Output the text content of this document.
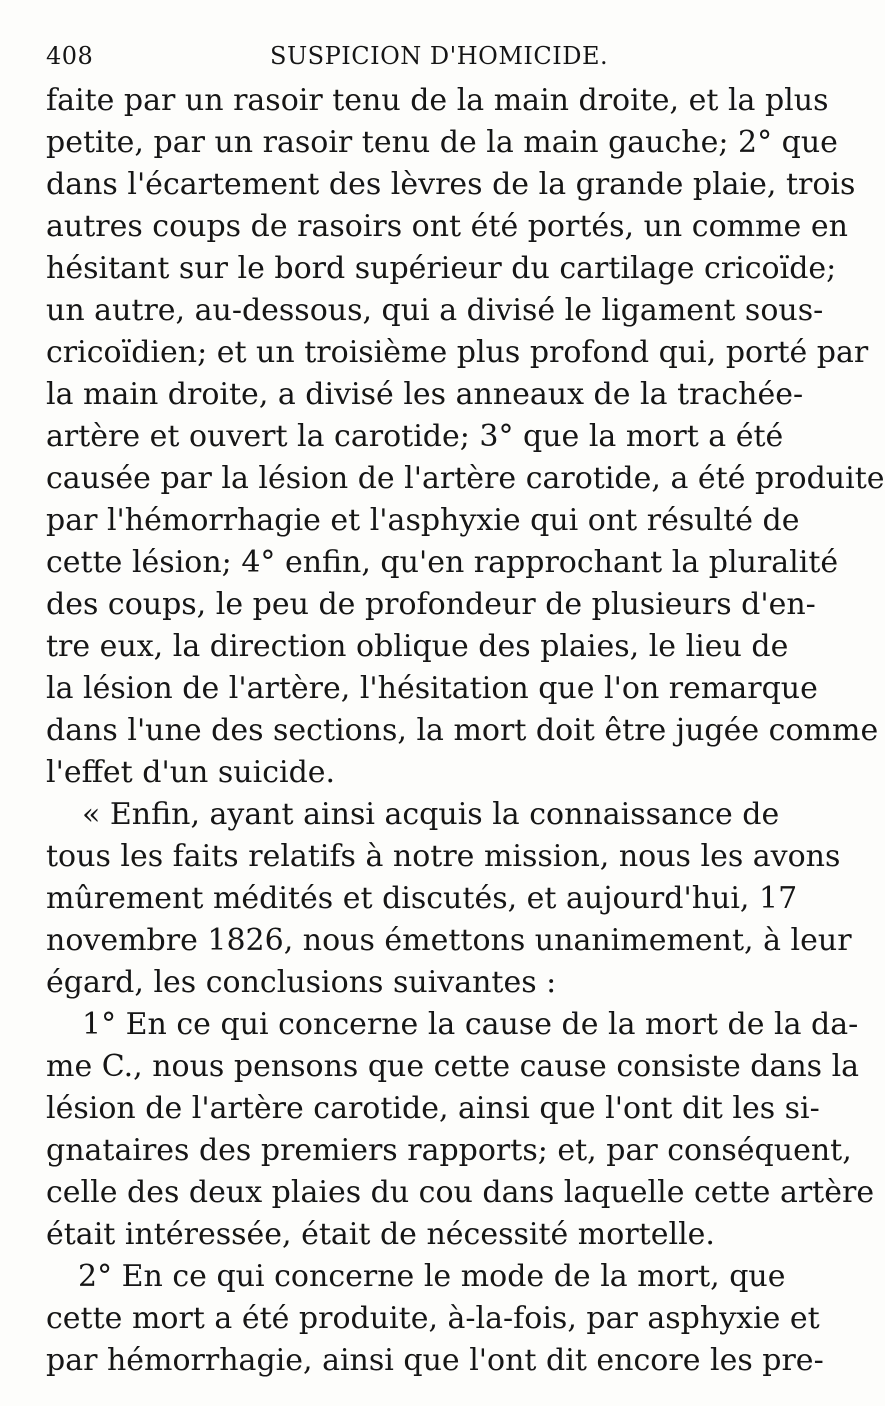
408	SUSPICION D'HOMICIDE.
faite par un rasoir tenu de la main droite, et la plus
petite, par un rasoir tenu de la main gauche; 2° que
dans l'écartement des lèvres de la grande plaie, trois
autres coups de rasoirs ont été portés, un comme en
hésitant sur le bord supérieur du cartilage cricoïde;
un autre, au-dessous, qui a divisé le ligament sous-
cricoïdien; et un troisième plus profond qui, porté par
la main droite, a divisé les anneaux de la trachée-
artère et ouvert la carotide; 3° que la mort a été
causée par la lésion de l'artère carotide, a été produite
par l'hémorrhagie et l'asphyxie qui ont résulté de
cette lésion; 4° enfin, qu'en rapprochant la pluralité
des coups, le peu de profondeur de plusieurs d'en-
tre eux, la direction oblique des plaies, le lieu de
la lésion de l'artère, l'hésitation que l'on remarque
dans l'une des sections, la mort doit être jugée comme
l'effet d'un suicide.
« Enfin, ayant ainsi acquis la connaissance de
tous les faits relatifs à notre mission, nous les avons
mûrement médités et discutés, et aujourd'hui, 17
novembre 1826, nous émettons unanimement, à leur
égard, les conclusions suivantes :
1° En ce qui concerne la cause de la mort de la da-
me C., nous pensons que cette cause consiste dans la
lésion de l'artère carotide, ainsi que l'ont dit les si-
gnataires des premiers rapports; et, par conséquent,
celle des deux plaies du cou dans laquelle cette artère
était intéressée, était de nécessité mortelle.
2° En ce qui concerne le mode de la mort, que
cette mort a été produite, à-la-fois, par asphyxie et
par hémorrhagie, ainsi que l'ont dit encore les pre-
